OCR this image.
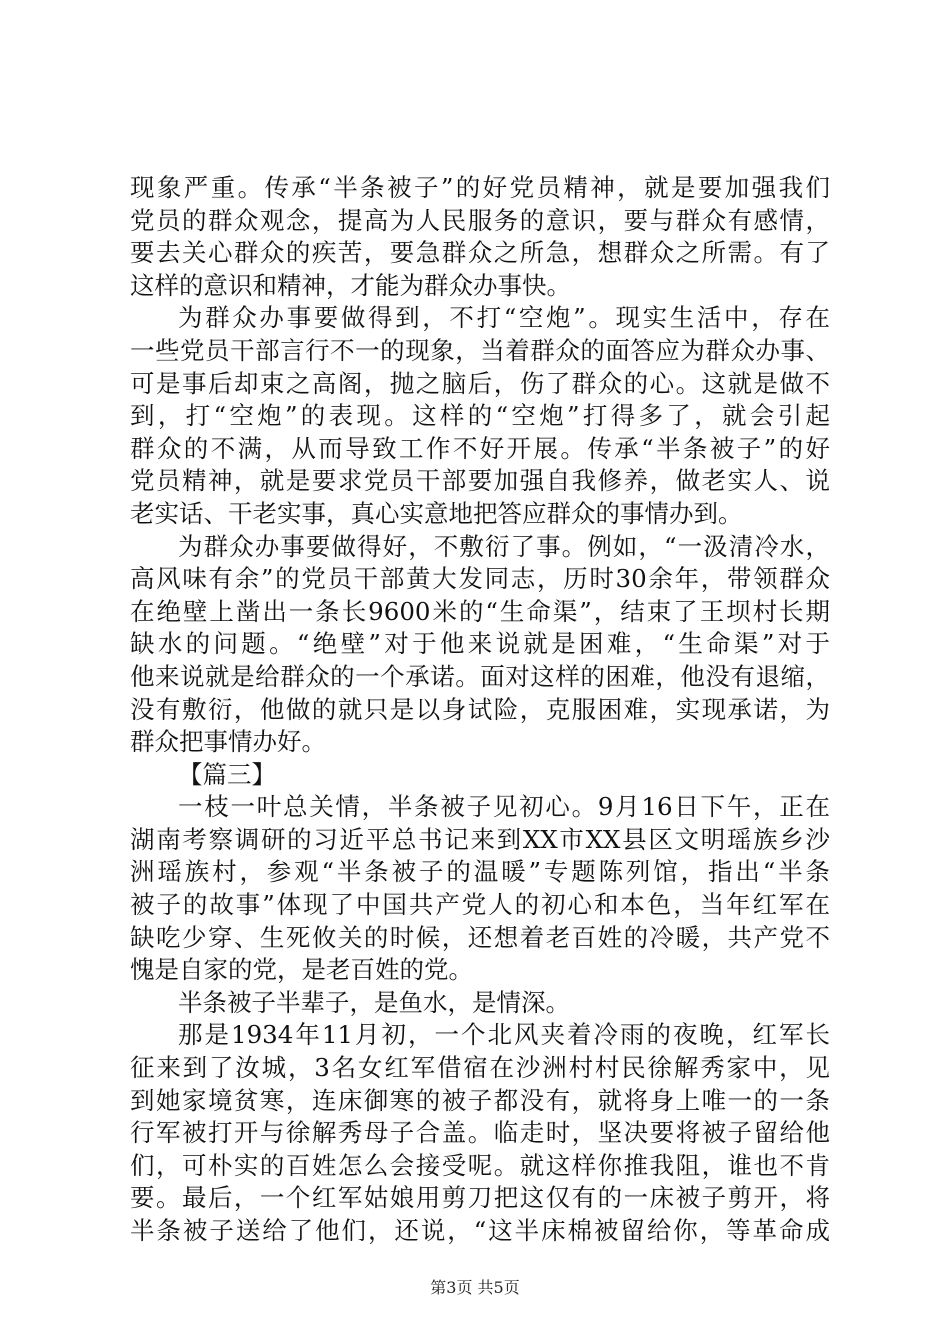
现象严重。传承“半条被子”的好党员精神，就是要加强我们
党员的群众观念，提高为人民服务的意识，要与群众有感情，
要去关心群众的疾苦，要急群众之所急，想群众之所需。有了
这样的意识和精神，才能为群众办事快。
为群众办事要做得到，不打“空炮”。现实生活中，存在
一些党员干部言行不一的现象，当着群众的面答应为群众办事、
可是事后却束之高阁，抛之脑后，伤了群众的心。这就是做不
到，打“空炮”的表现。这样的“空炮”打得多了，就会引起
群众的不满，从而导致工作不好开展。传承“半条被子”的好
党员精神，就是要求党员干部要加强自我修养，做老实人、说
老实话、干老实事，真心实意地把答应群众的事情办到。
为群众办事要做得好，不敷衍了事。例如，“一汲清冷水，
高风味有余”的党员干部黄大发同志，历时30余年，带领群众
在绝壁上凿出一条长9600米的“生命渠”，结束了王坝村长期
缺水的问题。“绝壁”对于他来说就是困难，“生命渠”对于
他来说就是给群众的一个承诺。面对这样的困难，他没有退缩，
没有敷衍，他做的就只是以身试险，克服困难，实现承诺，为
群众把事情办好。
【篇三】
一枝一叶总关情，半条被子见初心。9月16日下午，正在
湖南考察调研的习近平总书记来到XX市XX县区文明瑶族乡沙
洲瑶族村，参观“半条被子的温暖”专题陈列馆，指出“半条
被子的故事”体现了中国共产党人的初心和本色，当年红军在
缺吃少穿、生死攸关的时候，还想着老百姓的冷暖，共产党不
愧是自家的党，是老百姓的党。
半条被子半辈子，是鱼水，是情深。
那是1934年11月初，一个北风夹着冷雨的夜晚，红军长
征来到了汝城，3名女红军借宿在沙洲村村民徐解秀家中，见
到她家境贫寒，连床御寒的被子都没有，就将身上唯一的一条
行军被打开与徐解秀母子合盖。临走时，坚决要将被子留给他
们，可朴实的百姓怎么会接受呢。就这样你推我阻，谁也不肯
要。最后，一个红军姑娘用剪刀把这仅有的一床被子剪开，将
半条被子送给了他们，还说，“这半床棉被留给你，等革命成
第3页 共5页
